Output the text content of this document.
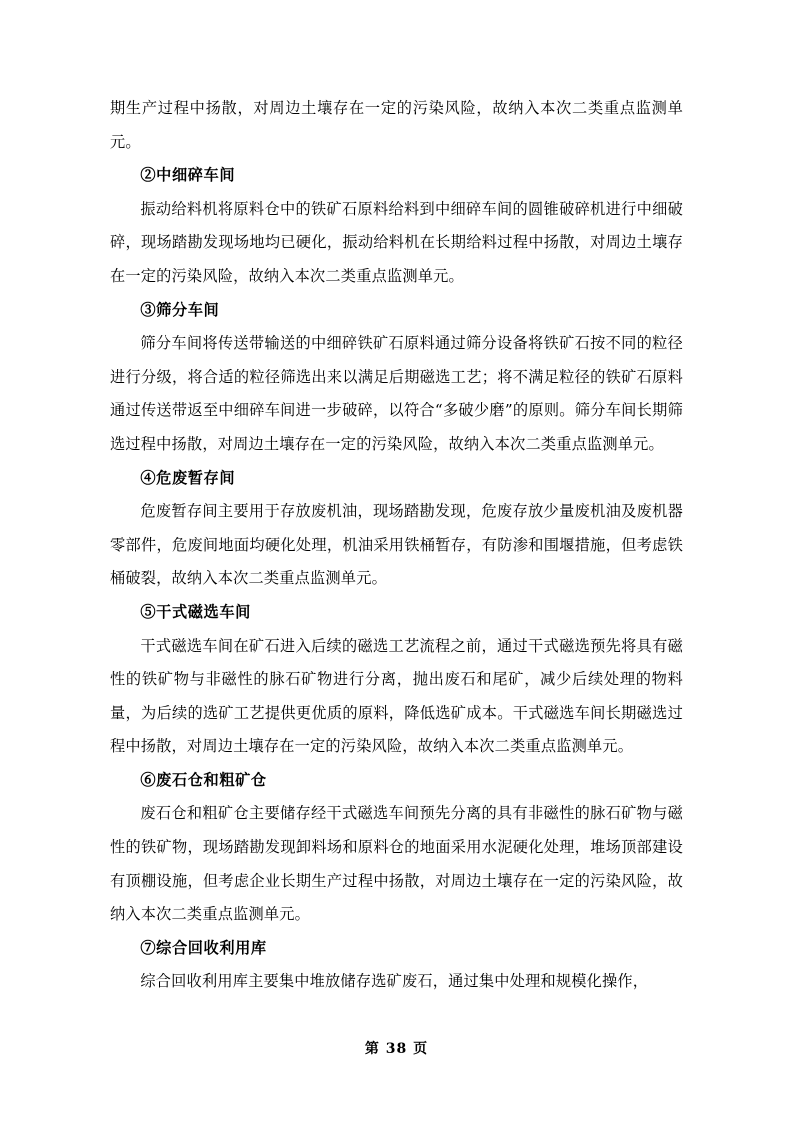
期生产过程中扬散，对周边土壤存在一定的污染风险，故纳入本次二类重点监测单元。

②中细碎车间

振动给料机将原料仓中的铁矿石原料给料到中细碎车间的圆锥破碎机进行中细破碎，现场踏勘发现场地均已硬化，振动给料机在长期给料过程中扬散，对周边土壤存在一定的污染风险，故纳入本次二类重点监测单元。

③筛分车间

筛分车间将传送带输送的中细碎铁矿石原料通过筛分设备将铁矿石按不同的粒径进行分级，将合适的粒径筛选出来以满足后期磁选工艺；将不满足粒径的铁矿石原料通过传送带返至中细碎车间进一步破碎，以符合“多破少磨”的原则。筛分车间长期筛选过程中扬散，对周边土壤存在一定的污染风险，故纳入本次二类重点监测单元。

④危废暂存间

危废暂存间主要用于存放废机油，现场踏勘发现，危废存放少量废机油及废机器零部件，危废间地面均硬化处理，机油采用铁桶暂存，有防渗和围堰措施，但考虑铁桶破裂，故纳入本次二类重点监测单元。

⑤干式磁选车间

干式磁选车间在矿石进入后续的磁选工艺流程之前，通过干式磁选预先将具有磁性的铁矿物与非磁性的脉石矿物进行分离，抛出废石和尾矿，减少后续处理的物料量，为后续的选矿工艺提供更优质的原料，降低选矿成本。干式磁选车间长期磁选过程中扬散，对周边土壤存在一定的污染风险，故纳入本次二类重点监测单元。

⑥废石仓和粗矿仓

废石仓和粗矿仓主要储存经干式磁选车间预先分离的具有非磁性的脉石矿物与磁性的铁矿物，现场踏勘发现卸料场和原料仓的地面采用水泥硬化处理，堆场顶部建设有顶棚设施，但考虑企业长期生产过程中扬散，对周边土壤存在一定的污染风险，故纳入本次二类重点监测单元。

⑦综合回收利用库

综合回收利用库主要集中堆放储存选矿废石，通过集中处理和规模化操作，

第 38 页
